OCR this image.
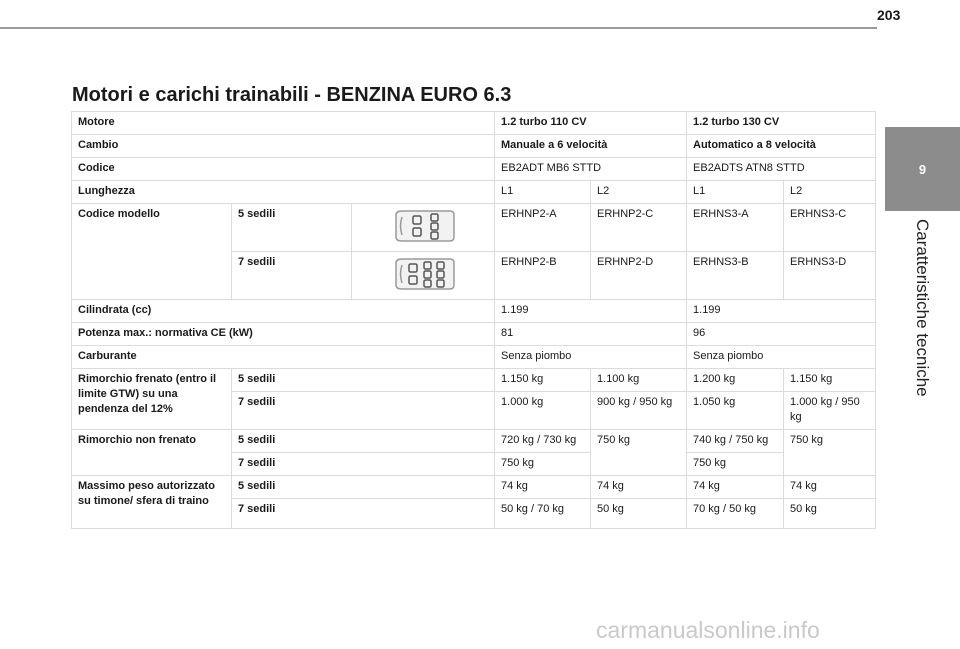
203
Motori e carichi trainabili - BENZINA EURO 6.3
9
Caratteristiche tecniche
Motore			1.2 turbo 110 CV		1.2 turbo 130 CV	
Cambio			Manuale a 6 velocità		Automatico a 8 velocità	
Codice			EB2ADT MB6 STTD		EB2ADTS ATN8 STTD	
Lunghezza			L1	L2	L1	L2
Codice modello	5 sedili		ERHNP2-A	ERHNP2-C	ERHNS3-A	ERHNS3-C
	7 sedili		ERHNP2-B	ERHNP2-D	ERHNS3-B	ERHNS3-D
Cilindrata (cc)			1.199		1.199	
Potenza max.: normativa CE (kW)			81		96	
Carburante			Senza piombo		Senza piombo	
Rimorchio frenato (entro il limite GTW) su una pendenza del 12%	5 sedili		1.150 kg	1.100 kg	1.200 kg	1.150 kg
	7 sedili		1.000 kg	900 kg / 950 kg	1.050 kg	1.000 kg / 950 kg
Rimorchio non frenato	5 sedili		720 kg / 730 kg	750 kg	740 kg / 750 kg	750 kg
	7 sedili		750 kg		750 kg	
Massimo peso autorizzato su timone/ sfera di traino	5 sedili		74 kg	74 kg	74 kg	74 kg
	7 sedili		50 kg / 70 kg	50 kg	70 kg / 50 kg	50 kg
carmanualsonline.info
